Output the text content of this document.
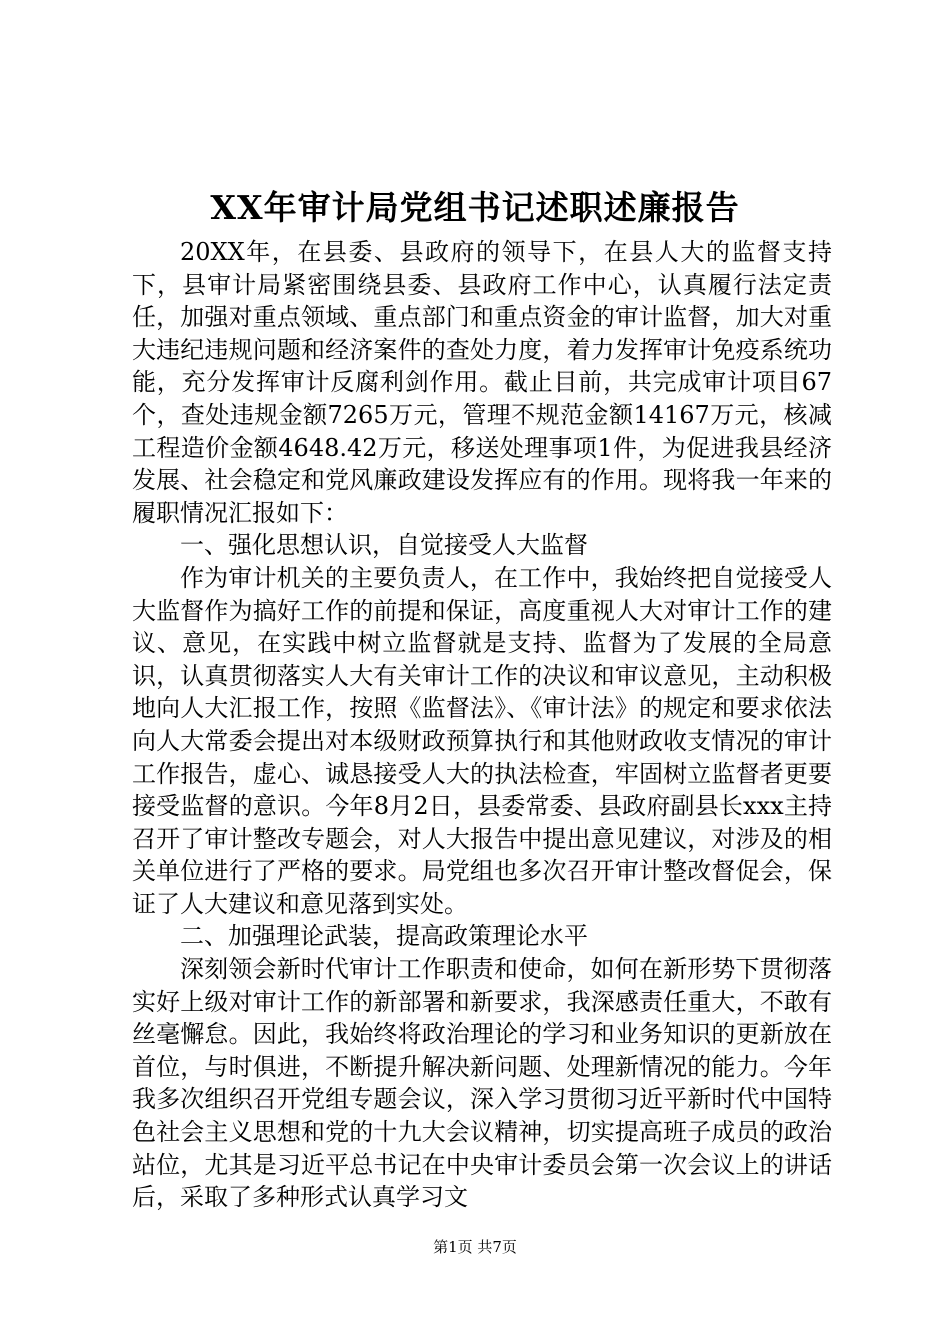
XX年审计局党组书记述职述廉报告

20XX年，在县委、县政府的领导下，在县人大的监督支持下，县审计局紧密围绕县委、县政府工作中心，认真履行法定责任，加强对重点领域、重点部门和重点资金的审计监督，加大对重大违纪违规问题和经济案件的查处力度，着力发挥审计免疫系统功能，充分发挥审计反腐利剑作用。截止目前，共完成审计项目67个，查处违规金额7265万元，管理不规范金额14167万元，核减工程造价金额4648.42万元，移送处理事项1件，为促进我县经济发展、社会稳定和党风廉政建设发挥应有的作用。现将我一年来的履职情况汇报如下：

一、强化思想认识，自觉接受人大监督

作为审计机关的主要负责人，在工作中，我始终把自觉接受人大监督作为搞好工作的前提和保证，高度重视人大对审计工作的建议、意见，在实践中树立监督就是支持、监督为了发展的全局意识，认真贯彻落实人大有关审计工作的决议和审议意见，主动积极地向人大汇报工作，按照《监督法》、《审计法》的规定和要求依法向人大常委会提出对本级财政预算执行和其他财政收支情况的审计工作报告，虚心、诚恳接受人大的执法检查，牢固树立监督者更要接受监督的意识。今年8月2日，县委常委、县政府副县长xxx主持召开了审计整改专题会，对人大报告中提出意见建议，对涉及的相关单位进行了严格的要求。局党组也多次召开审计整改督促会，保证了人大建议和意见落到实处。

二、加强理论武装，提高政策理论水平

深刻领会新时代审计工作职责和使命，如何在新形势下贯彻落实好上级对审计工作的新部署和新要求，我深感责任重大，不敢有丝毫懈怠。因此，我始终将政治理论的学习和业务知识的更新放在首位，与时俱进，不断提升解决新问题、处理新情况的能力。今年我多次组织召开党组专题会议，深入学习贯彻习近平新时代中国特色社会主义思想和党的十九大会议精神，切实提高班子成员的政治站位，尤其是习近平总书记在中央审计委员会第一次会议上的讲话后，采取了多种形式认真学习文

第1页 共7页
